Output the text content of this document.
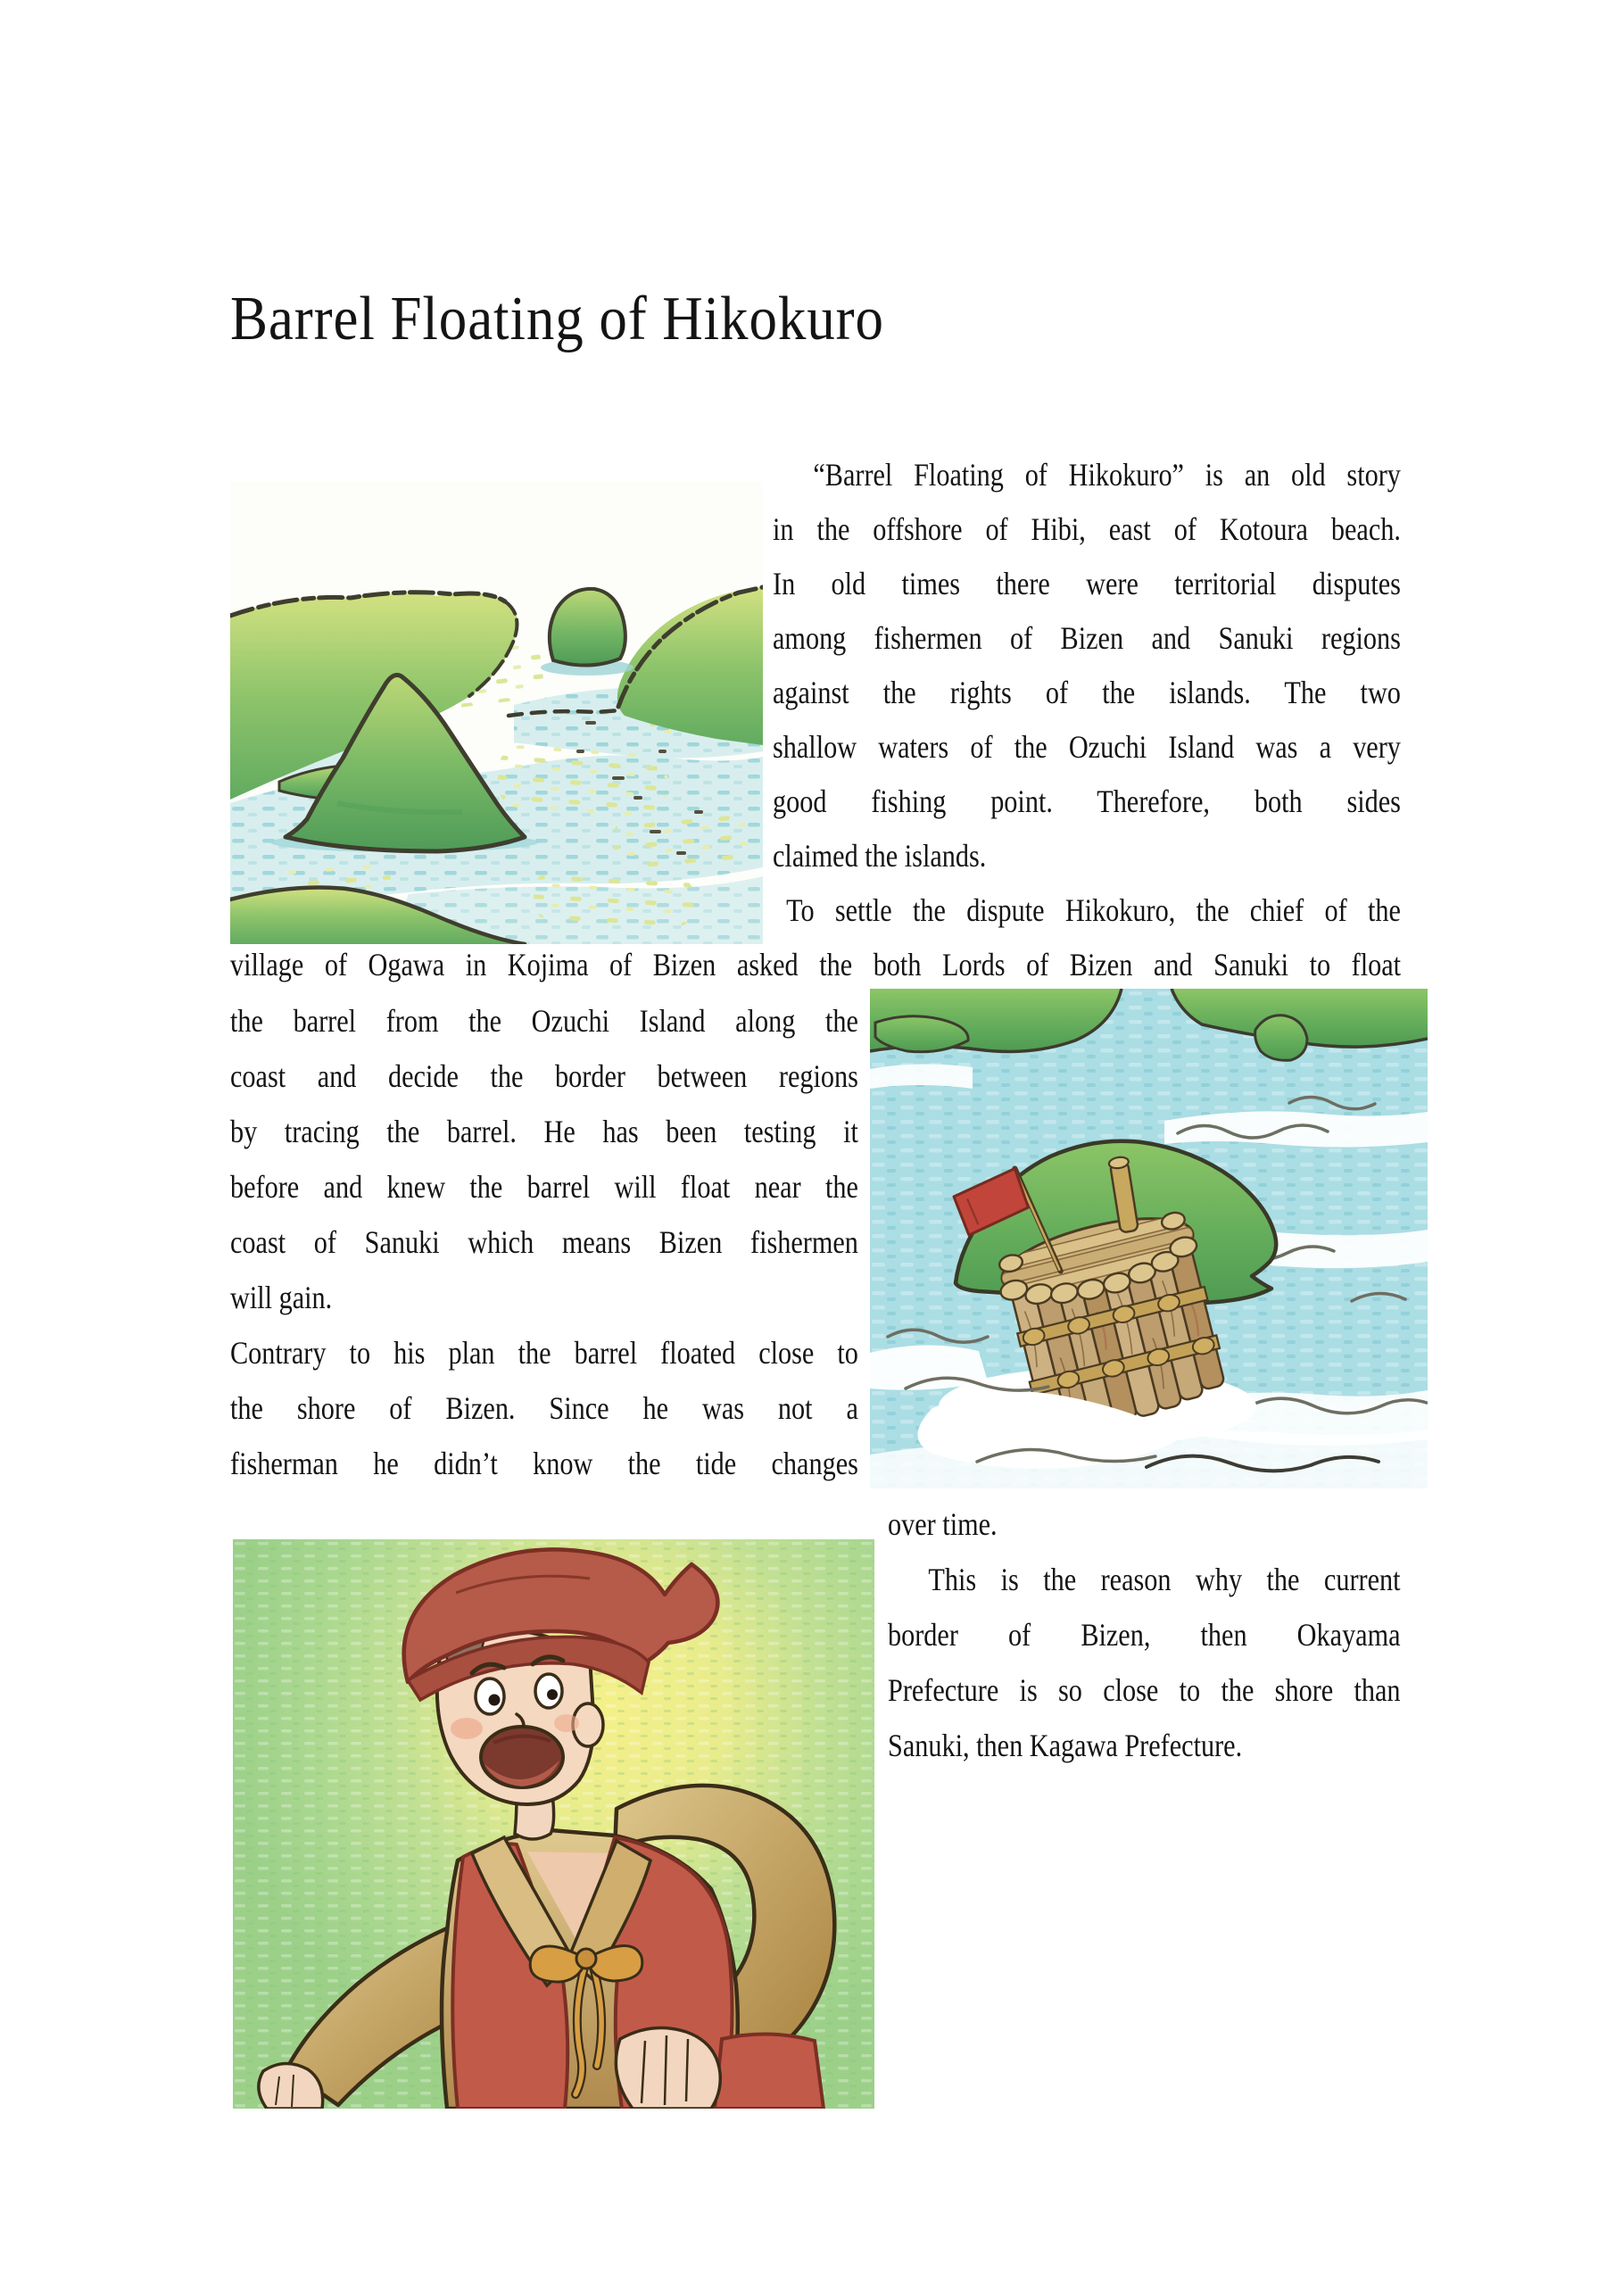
Barrel Floating of Hikokuro
“Barrel Floating of Hikokuro” is an old story
in the offshore of Hibi, east of Kotoura beach.
In old times there were territorial disputes
among fishermen of Bizen and Sanuki regions
against the rights of the islands. The two
shallow waters of the Ozuchi Island was a very
good fishing point. Therefore, both sides
claimed the islands.
To settle the dispute Hikokuro, the chief of the
village of Ogawa in Kojima of Bizen asked the both Lords of Bizen and Sanuki to float
the barrel from the Ozuchi Island along the
coast and decide the border between regions
by tracing the barrel. He has been testing it
before and knew the barrel will float near the
coast of Sanuki which means Bizen fishermen
will gain.
Contrary to his plan the barrel floated close to
the shore of Bizen. Since he was not a
fisherman he didn’t know the tide changes
over time.
This is the reason why the current
border of Bizen, then Okayama
Prefecture is so close to the shore than
Sanuki, then Kagawa Prefecture.
